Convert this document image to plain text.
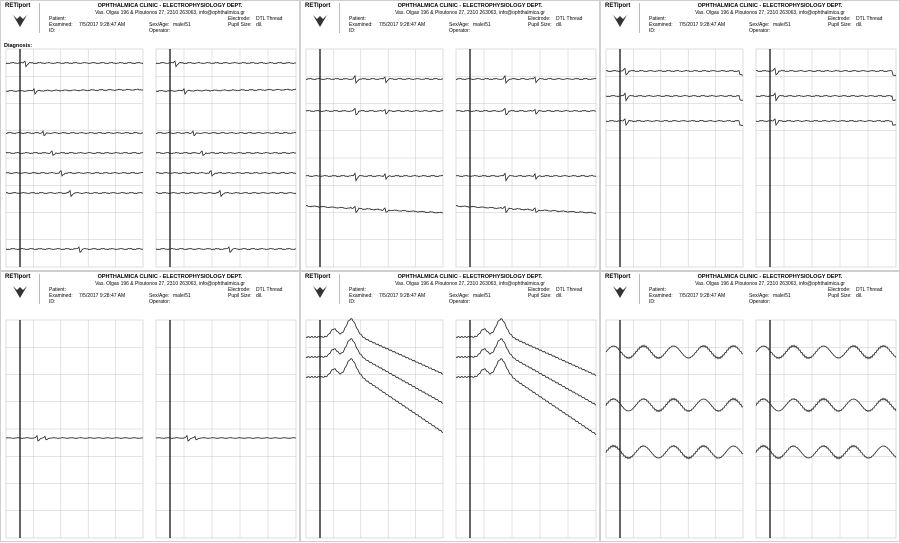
RETIport	OPHTHALMICA CLINIC - ELECTROPHYSIOLOGY DEPT.
Vas. Olgas 196 & Ploutonos 27, 2310 263063, info@ophthalmica.gr
Patient:
Examined: 7/5/2017 9:28:47 AM
ID:
Sex/Age: male/51
Operator:
Electrode: DTL Thread
Pupil Size: dil.
Diagnosis:
RETIport	OPHTHALMICA CLINIC - ELECTROPHYSIOLOGY DEPT.
Vas. Olgas 196 & Ploutonos 27, 2310 263063, info@ophthalmica.gr
Patient:
Examined: 7/5/2017 9:28:47 AM
ID:
Sex/Age: male/51
Operator:
Electrode: DTL Thread
Pupil Size: dil.
RETIport	OPHTHALMICA CLINIC - ELECTROPHYSIOLOGY DEPT.
Vas. Olgas 196 & Ploutonos 27, 2310 263063, info@ophthalmica.gr
Patient:
Examined: 7/5/2017 9:28:47 AM
ID:
Sex/Age: male/51
Operator:
Electrode: DTL Thread
Pupil Size: dil.
RETIport	OPHTHALMICA CLINIC - ELECTROPHYSIOLOGY DEPT.
Vas. Olgas 196 & Ploutonos 27, 2310 263063, info@ophthalmica.gr
Patient:
Examined: 7/5/2017 9:28:47 AM
ID:
Sex/Age: male/51
Operator:
Electrode: DTL Thread
Pupil Size: dil.
RETIport	OPHTHALMICA CLINIC - ELECTROPHYSIOLOGY DEPT.
Vas. Olgas 196 & Ploutonos 27, 2310 263063, info@ophthalmica.gr
Patient:
Examined: 7/5/2017 9:28:47 AM
ID:
Sex/Age: male/51
Operator:
Electrode: DTL Thread
Pupil Size: dil.
RETIport	OPHTHALMICA CLINIC - ELECTROPHYSIOLOGY DEPT.
Vas. Olgas 196 & Ploutonos 27, 2310 263063, info@ophthalmica.gr
Patient:
Examined: 7/5/2017 9:28:47 AM
ID:
Sex/Age: male/51
Operator:
Electrode: DTL Thread
Pupil Size: dil.
